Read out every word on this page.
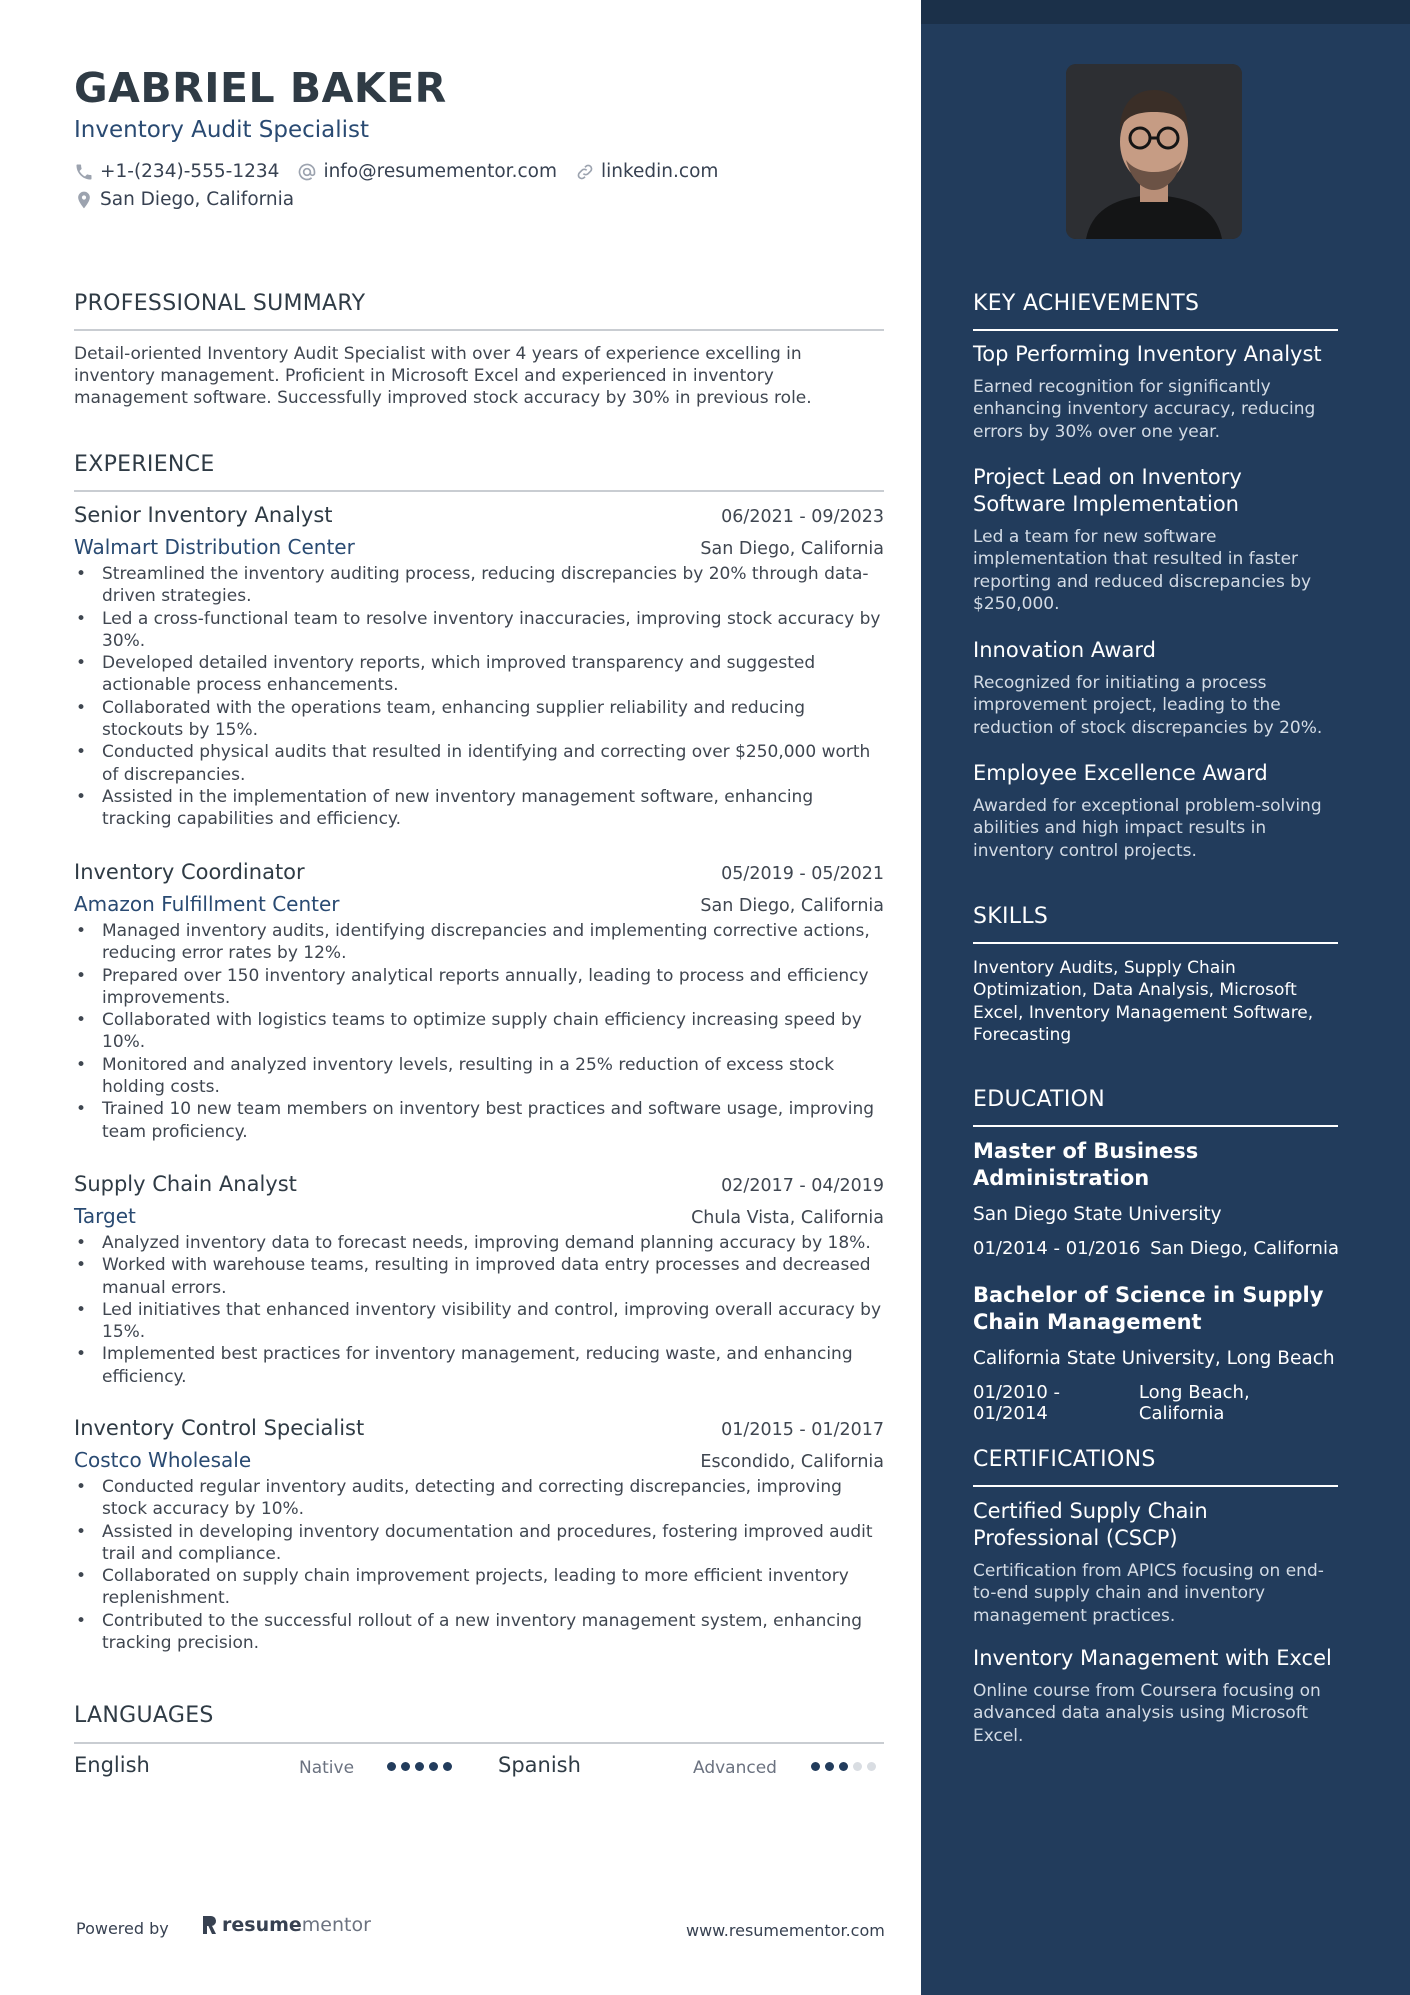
GABRIEL BAKER
Inventory Audit Specialist
+1-(234)-555-1234 info@resumementor.com linkedin.com
San Diego, California
PROFESSIONAL SUMMARY
Detail-oriented Inventory Audit Specialist with over 4 years of experience excelling in inventory management. Proficient in Microsoft Excel and experienced in inventory management software. Successfully improved stock accuracy by 30% in previous role.
EXPERIENCE
Senior Inventory Analyst	06/2021 - 09/2023
Walmart Distribution Center	San Diego, California
• Streamlined the inventory auditing process, reducing discrepancies by 20% through data-driven strategies.
• Led a cross-functional team to resolve inventory inaccuracies, improving stock accuracy by 30%.
• Developed detailed inventory reports, which improved transparency and suggested actionable process enhancements.
• Collaborated with the operations team, enhancing supplier reliability and reducing stockouts by 15%.
• Conducted physical audits that resulted in identifying and correcting over $250,000 worth of discrepancies.
• Assisted in the implementation of new inventory management software, enhancing tracking capabilities and efficiency.
Inventory Coordinator	05/2019 - 05/2021
Amazon Fulfillment Center	San Diego, California
• Managed inventory audits, identifying discrepancies and implementing corrective actions, reducing error rates by 12%.
• Prepared over 150 inventory analytical reports annually, leading to process and efficiency improvements.
• Collaborated with logistics teams to optimize supply chain efficiency increasing speed by 10%.
• Monitored and analyzed inventory levels, resulting in a 25% reduction of excess stock holding costs.
• Trained 10 new team members on inventory best practices and software usage, improving team proficiency.
Supply Chain Analyst	02/2017 - 04/2019
Target	Chula Vista, California
• Analyzed inventory data to forecast needs, improving demand planning accuracy by 18%.
• Worked with warehouse teams, resulting in improved data entry processes and decreased manual errors.
• Led initiatives that enhanced inventory visibility and control, improving overall accuracy by 15%.
• Implemented best practices for inventory management, reducing waste, and enhancing efficiency.
Inventory Control Specialist	01/2015 - 01/2017
Costco Wholesale	Escondido, California
• Conducted regular inventory audits, detecting and correcting discrepancies, improving stock accuracy by 10%.
• Assisted in developing inventory documentation and procedures, fostering improved audit trail and compliance.
• Collaborated on supply chain improvement projects, leading to more efficient inventory replenishment.
• Contributed to the successful rollout of a new inventory management system, enhancing tracking precision.
LANGUAGES
English	Native	Spanish	Advanced
Powered by	resume mentor	www.resumementor.com
KEY ACHIEVEMENTS
Top Performing Inventory Analyst
Earned recognition for significantly enhancing inventory accuracy, reducing errors by 30% over one year.
Project Lead on Inventory Software Implementation
Led a team for new software implementation that resulted in faster reporting and reduced discrepancies by $250,000.
Innovation Award
Recognized for initiating a process improvement project, leading to the reduction of stock discrepancies by 20%.
Employee Excellence Award
Awarded for exceptional problem-solving abilities and high impact results in inventory control projects.
SKILLS
Inventory Audits, Supply Chain Optimization, Data Analysis, Microsoft Excel, Inventory Management Software, Forecasting
EDUCATION
Master of Business Administration
San Diego State University
01/2014 - 01/2016 San Diego, California
Bachelor of Science in Supply Chain Management
California State University, Long Beach
01/2010 - 01/2014
Long Beach, California
CERTIFICATIONS
Certified Supply Chain Professional (CSCP)
Certification from APICS focusing on end-to-end supply chain and inventory management practices.
Inventory Management with Excel
Online course from Coursera focusing on advanced data analysis using Microsoft Excel.
